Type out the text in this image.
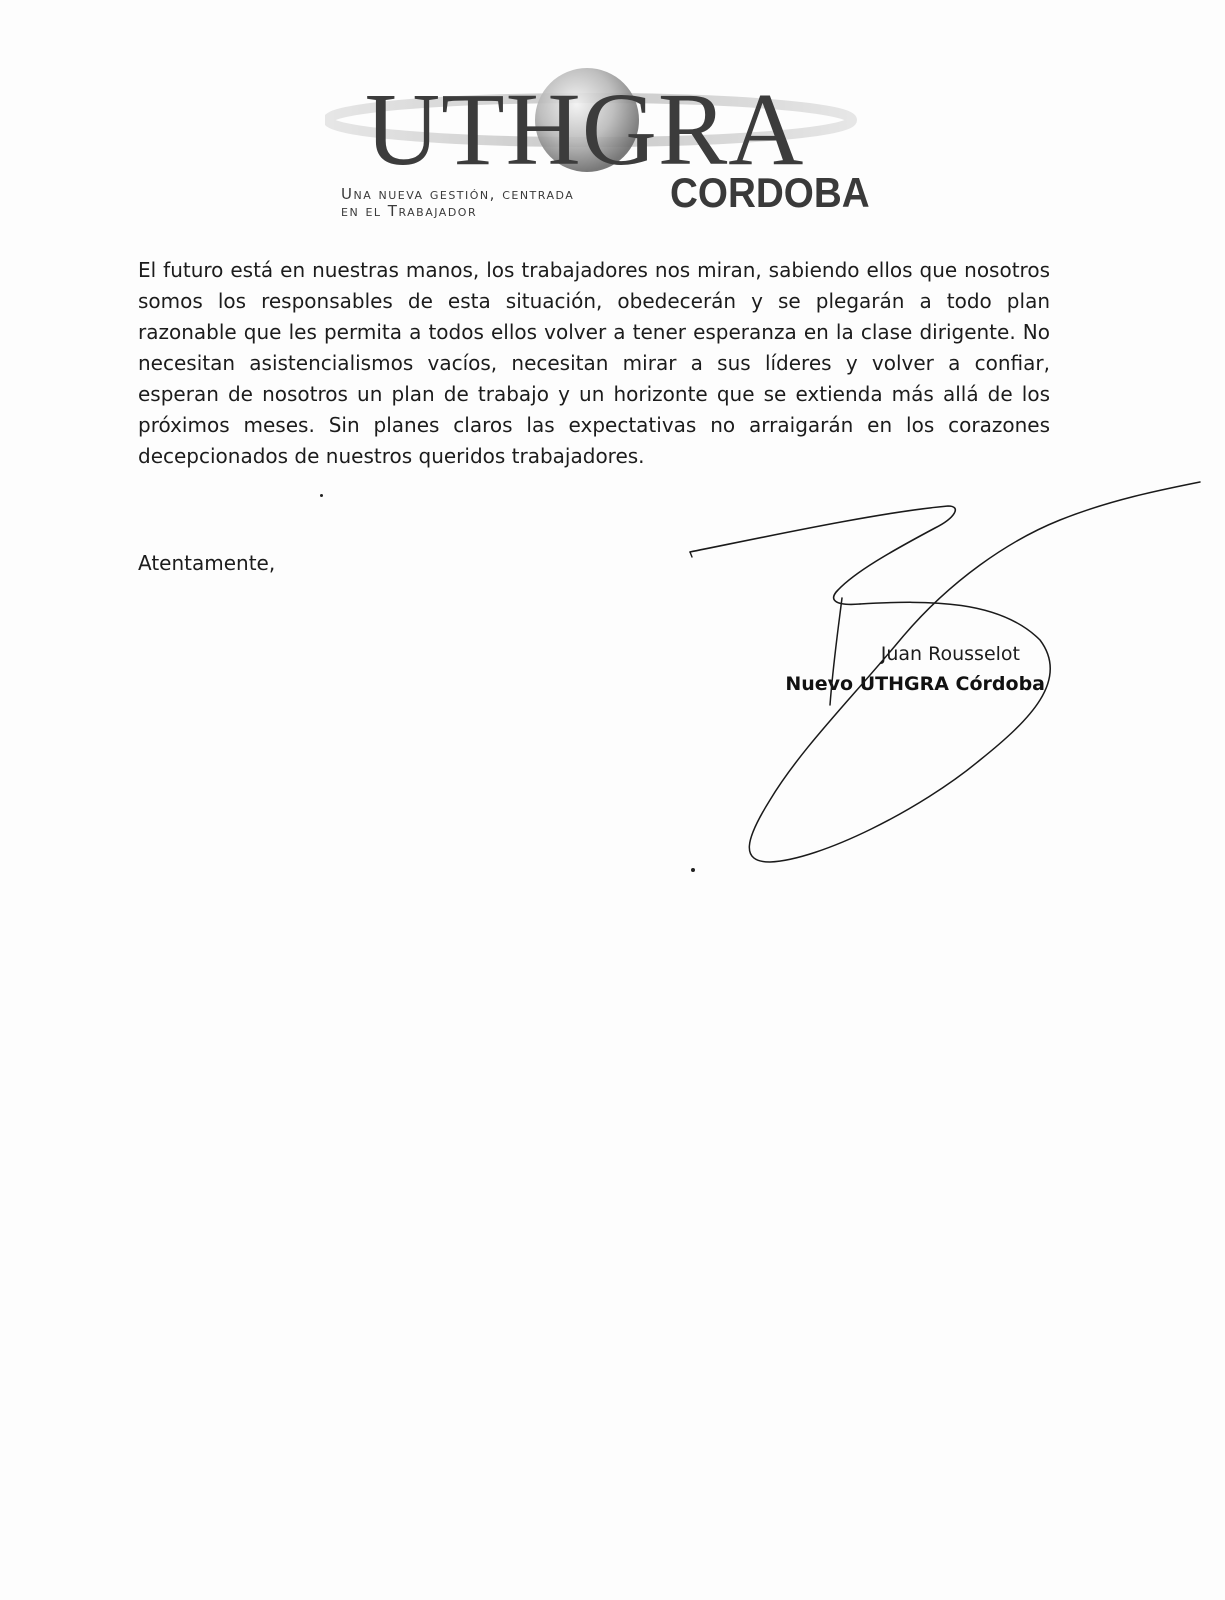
UTHGRA
Una nueva gestión, centrada
en el Trabajador	CORDOBA

El futuro está en nuestras manos, los trabajadores nos miran, sabiendo ellos que nosotros somos los responsables de esta situación, obedecerán y se plegarán a todo plan razonable que les permita a todos ellos volver a tener esperanza en la clase dirigente. No necesitan asistencialismos vacíos, necesitan mirar a sus líderes y volver a confiar, esperan de nosotros un plan de trabajo y un horizonte que se extienda más allá de los próximos meses. Sin planes claros las expectativas no arraigarán en los corazones decepcionados de nuestros queridos trabajadores.

Atentamente,

Juan Rousselot
Nuevo UTHGRA Córdoba
